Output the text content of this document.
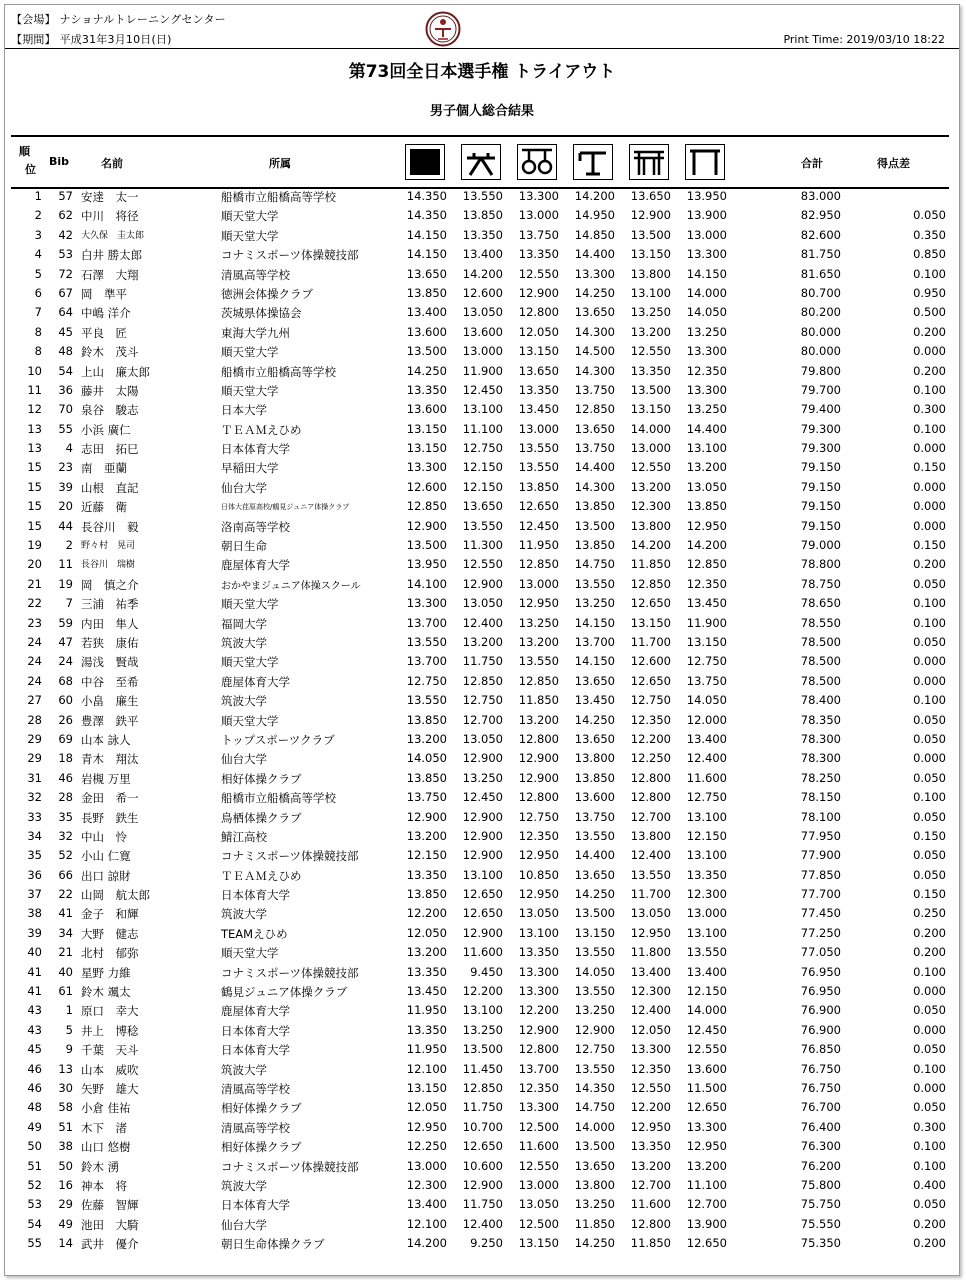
【会場】 ナショナルトレーニングセンター
【期間】 平成31年3月10日(日)	Print Time: 2019/03/10 18:22
第73回全日本選手権 トライアウト
男子個人総合結果
順
位
Bib	名前	所属	合計	得点差
1	57 安達　太一	船橋市立船橋高等学校	14.350	13.550	13.300	14.200	13.650	13.950	83.000
2	62 中川　将径	順天堂大学	14.350	13.850	13.000	14.950	12.900	13.900	82.950	0.050
3	42 大久保　圭太郎	順天堂大学	14.150	13.350	13.750	14.850	13.500	13.000	82.600	0.350
4	53 白井 勝太郎	コナミスポーツ体操競技部	14.150	13.400	13.350	14.400	13.150	13.300	81.750	0.850
5	72 石澤　大翔	清風高等学校	13.650	14.200	12.550	13.300	13.800	14.150	81.650	0.100
6	67 岡　準平	徳洲会体操クラブ	13.850	12.600	12.900	14.250	13.100	14.000	80.700	0.950
7	64 中嶋 洋介	茨城県体操協会	13.400	13.050	12.800	13.650	13.250	14.050	80.200	0.500
8	45 平良　匠	東海大学九州	13.600	13.600	12.050	14.300	13.200	13.250	80.000	0.200
8	48 鈴木　茂斗	順天堂大学	13.500	13.000	13.150	14.500	12.550	13.300	80.000	0.000
10	54 上山　廉太郎	船橋市立船橋高等学校	14.250	11.900	13.650	14.300	13.350	12.350	79.800	0.200
11	36 藤井　太陽	順天堂大学	13.350	12.450	13.350	13.750	13.500	13.300	79.700	0.100
12	70 泉谷　駿志	日本大学	13.600	13.100	13.450	12.850	13.150	13.250	79.400	0.300
13	55 小浜 廣仁	ＴＥＡＭえひめ	13.150	11.100	13.000	13.650	14.000	14.400	79.300	0.100
13	4 志田　拓巳	日本体育大学	13.150	12.750	13.550	13.750	13.000	13.100	79.300	0.000
15	23 南　亜蘭	早稲田大学	13.300	12.150	13.550	14.400	12.550	13.200	79.150	0.150
15	39 山根　直記	仙台大学	12.600	12.150	13.850	14.300	13.200	13.050	79.150	0.000
15	20 近藤　衛	日体大荏原高校/鶴見ジュニア体操クラブ	12.850	13.650	12.650	13.850	12.300	13.850	79.150	0.000
15	44 長谷川　毅	洛南高等学校	12.900	13.550	12.450	13.500	13.800	12.950	79.150	0.000
19	2 野々村　晃司	朝日生命	13.500	11.300	11.950	13.850	14.200	14.200	79.000	0.150
20	11 長谷川　瑞樹	鹿屋体育大学	13.950	12.550	12.850	14.750	11.850	12.850	78.800	0.200
21	19 岡　慎之介	おかやまジュニア体操スクール	14.100	12.900	13.000	13.550	12.850	12.350	78.750	0.050
22	7 三浦　祐季	順天堂大学	13.300	13.050	12.950	13.250	12.650	13.450	78.650	0.100
23	59 内田　隼人	福岡大学	13.700	12.400	13.250	14.150	13.150	11.900	78.550	0.100
24	47 若狭　康佑	筑波大学	13.550	13.200	13.200	13.700	11.700	13.150	78.500	0.050
24	24 湯浅　賢哉	順天堂大学	13.700	11.750	13.550	14.150	12.600	12.750	78.500	0.000
24	68 中谷　至希	鹿屋体育大学	12.750	12.850	12.850	13.650	12.650	13.750	78.500	0.000
27	60 小畠　廉生	筑波大学	13.550	12.750	11.850	13.450	12.750	14.050	78.400	0.100
28	26 豊澤　鉄平	順天堂大学	13.850	12.700	13.200	14.250	12.350	12.000	78.350	0.050
29	69 山本 詠人	トップスポーツクラブ	13.200	13.050	12.800	13.650	12.200	13.400	78.300	0.050
29	18 青木　翔汰	仙台大学	14.050	12.900	12.900	13.800	12.250	12.400	78.300	0.000
31	46 岩槻 万里	相好体操クラブ	13.850	13.250	12.900	13.850	12.800	11.600	78.250	0.050
32	28 金田　希一	船橋市立船橋高等学校	13.750	12.450	12.800	13.600	12.800	12.750	78.150	0.100
33	35 長野　鉄生	鳥栖体操クラブ	12.900	12.900	12.750	13.750	12.700	13.100	78.100	0.050
34	32 中山　怜	鯖江高校	13.200	12.900	12.350	13.550	13.800	12.150	77.950	0.150
35	52 小山 仁寛	コナミスポーツ体操競技部	12.150	12.900	12.950	14.400	12.400	13.100	77.900	0.050
36	66 出口 諒財	ＴＥＡＭえひめ	13.350	13.100	10.850	13.650	13.550	13.350	77.850	0.050
37	22 山岡　航太郎	日本体育大学	13.850	12.650	12.950	14.250	11.700	12.300	77.700	0.150
38	41 金子　和輝	筑波大学	12.200	12.650	13.050	13.500	13.050	13.000	77.450	0.250
39	34 大野　健志	TEAMえひめ	12.050	12.900	13.100	13.150	12.950	13.100	77.250	0.200
40	21 北村　郁弥	順天堂大学	13.200	11.600	13.350	13.550	11.800	13.550	77.050	0.200
41	40 星野 力維	コナミスポーツ体操競技部	13.350	9.450	13.300	14.050	13.400	13.400	76.950	0.100
41	61 鈴木 颯太	鶴見ジュニア体操クラブ	13.450	12.200	13.300	13.550	12.300	12.150	76.950	0.000
43	1 原口　幸大	鹿屋体育大学	11.950	13.100	12.200	13.250	12.400	14.000	76.900	0.050
43	5 井上　博稔	日本体育大学	13.350	13.250	12.900	12.900	12.050	12.450	76.900	0.000
45	9 千葉　天斗	日本体育大学	11.950	13.500	12.800	12.750	13.300	12.550	76.850	0.050
46	13 山本　威吹	筑波大学	12.100	11.450	13.700	13.550	12.350	13.600	76.750	0.100
46	30 矢野　雄大	清風高等学校	13.150	12.850	12.350	14.350	12.550	11.500	76.750	0.000
48	58 小倉 佳祐	相好体操クラブ	12.050	11.750	13.300	14.750	12.200	12.650	76.700	0.050
49	51 木下　渚	清風高等学校	12.950	10.700	12.500	14.000	12.950	13.300	76.400	0.300
50	38 山口 悠樹	相好体操クラブ	12.250	12.650	11.600	13.500	13.350	12.950	76.300	0.100
51	50 鈴木 湧	コナミスポーツ体操競技部	13.000	10.600	12.550	13.650	13.200	13.200	76.200	0.100
52	16 神本　将	筑波大学	12.300	12.900	13.000	13.800	12.700	11.100	75.800	0.400
53	29 佐藤　智輝	日本体育大学	13.400	11.750	13.050	13.250	11.600	12.700	75.750	0.050
54	49 池田　大騎	仙台大学	12.100	12.400	12.500	11.850	12.800	13.900	75.550	0.200
55	14 武井　優介	朝日生命体操クラブ	14.200	9.250	13.150	14.250	11.850	12.650	75.350	0.200
